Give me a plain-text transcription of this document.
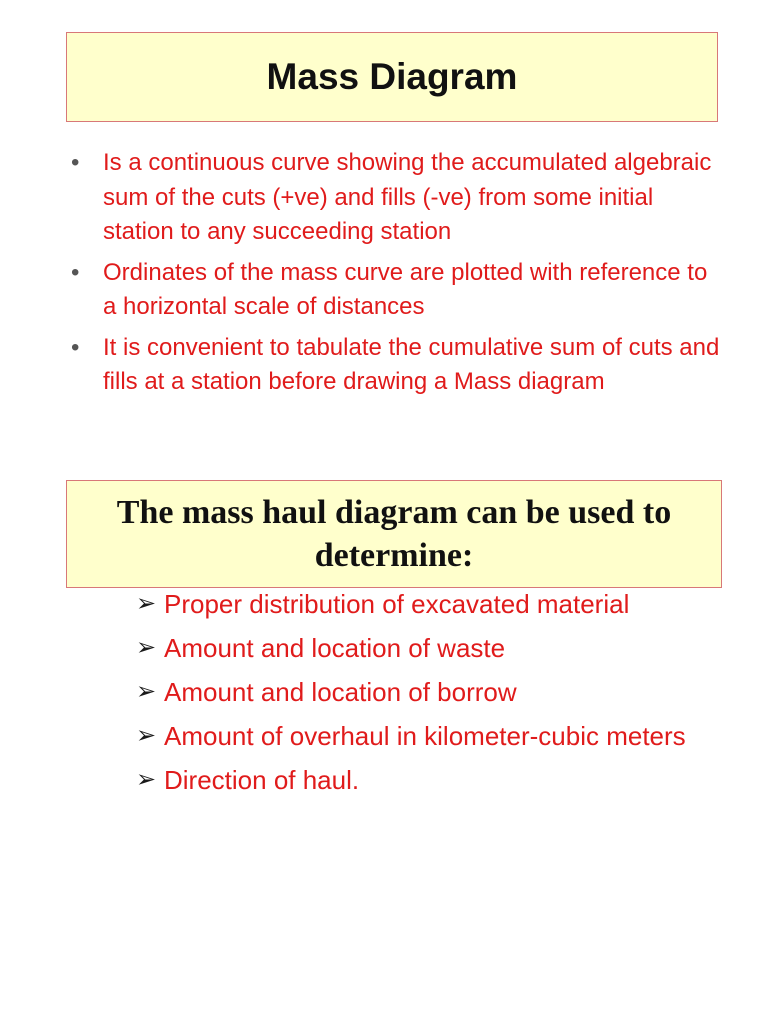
Mass Diagram
• Is a continuous curve showing the accumulated algebraic sum of the cuts (+ve) and fills (-ve) from some initial station to any succeeding station
• Ordinates of the mass curve are plotted with reference to a horizontal scale of distances
• It is convenient to tabulate the cumulative sum of cuts and fills at a station before drawing a Mass diagram
The mass haul diagram can be used to determine:
➢ Proper distribution of excavated material
➢ Amount and location of waste
➢ Amount and location of borrow
➢ Amount of overhaul in kilometer-cubic meters
➢ Direction of haul.
